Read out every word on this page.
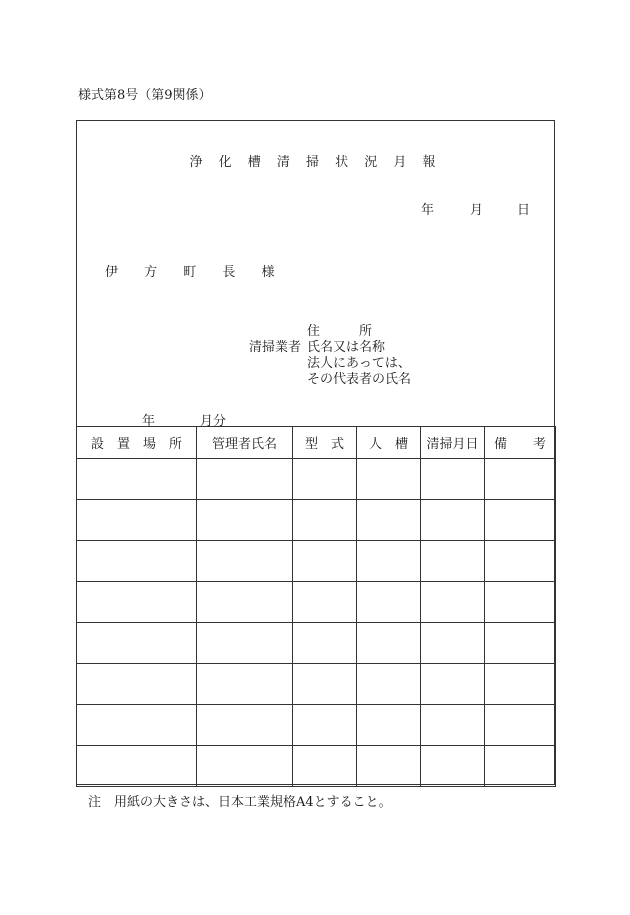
様式第8号（第9関係）
浄 化 槽 清 掃 状 況 月 報
年	月	日
伊 方 町 長 様
清掃業者
住　　　所
氏名又は名称
法人にあっては、
その代表者の氏名
年	月分
設　置　場　所	管理者氏名	型　式	人　槽	清掃月日	備　　考

注　用紙の大きさは、日本工業規格A4とすること。
